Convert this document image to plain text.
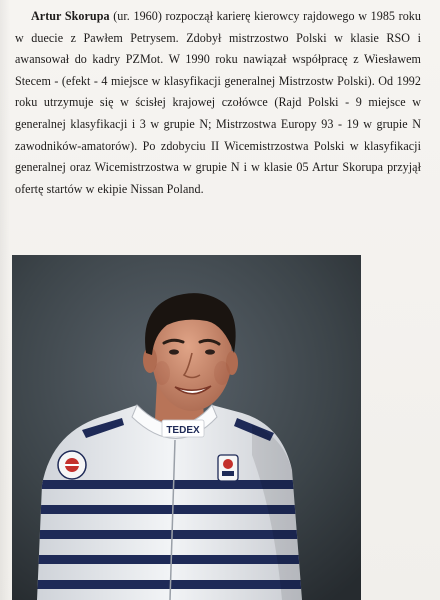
Artur Skorupa (ur. 1960) rozpoczął karierę kierowcy rajdowego w 1985 roku w duecie z Pawłem Petrysem. Zdobył mistrzostwo Polski w klasie RSO i awansował do kadry PZMot. W 1990 roku nawiązał współpracę z Wiesławem Stecem - (efekt - 4 miejsce w klasyfikacji generalnej Mistrzostw Polski). Od 1992 roku utrzymuje się w ścisłej krajowej czołówce (Rajd Polski - 9 miejsce w generalnej klasyfikacji i 3 w grupie N; Mistrzostwa Europy 93 - 19 w grupie N zawodników-amatorów). Po zdobyciu II Wicemistrzostwa Polski w klasyfikacji generalnej oraz Wicemistrzostwa w grupie N i w klasie 05 Artur Skorupa przyjął ofertę startów w ekipie Nissan Poland.

TEDEX
